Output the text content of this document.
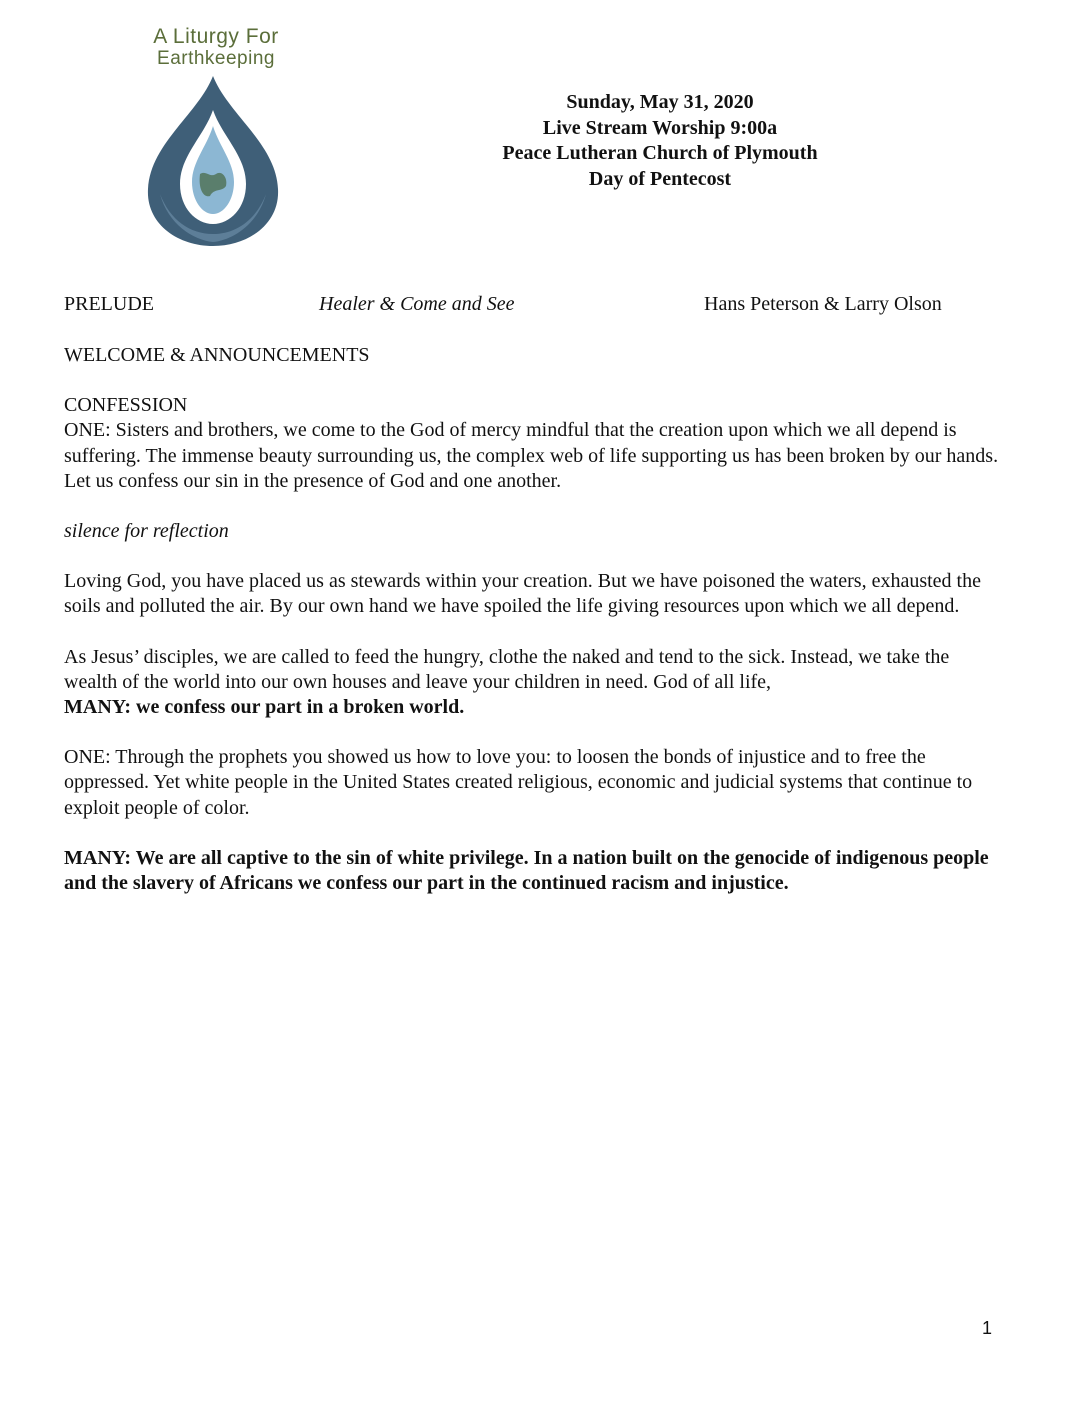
A Liturgy For
Earthkeeping
Sunday, May 31, 2020
Live Stream Worship 9:00a
Peace Lutheran Church of Plymouth
Day of Pentecost
PRELUDE	Healer & Come and See	Hans Peterson & Larry Olson

WELCOME & ANNOUNCEMENTS

CONFESSION

ONE: Sisters and brothers, we come to the God of mercy mindful that the creation upon which we all depend is suffering. The immense beauty surrounding us, the complex web of life supporting us has been broken by our hands. Let us confess our sin in the presence of God and one another.

silence for reflection

Loving God, you have placed us as stewards within your creation. But we have poisoned the waters, exhausted the soils and polluted the air. By our own hand we have spoiled the life giving resources upon which we all depend.

As Jesus’ disciples, we are called to feed the hungry, clothe the naked and tend to the sick. Instead, we take the wealth of the world into our own houses and leave your children in need. God of all life,

MANY: we confess our part in a broken world.

ONE: Through the prophets you showed us how to love you: to loosen the bonds of injustice and to free the oppressed. Yet white people in the United States created religious, economic and judicial systems that continue to exploit people of color.

MANY: We are all captive to the sin of white privilege. In a nation built on the genocide of indigenous people and the slavery of Africans we confess our part in the continued racism and injustice.

1
